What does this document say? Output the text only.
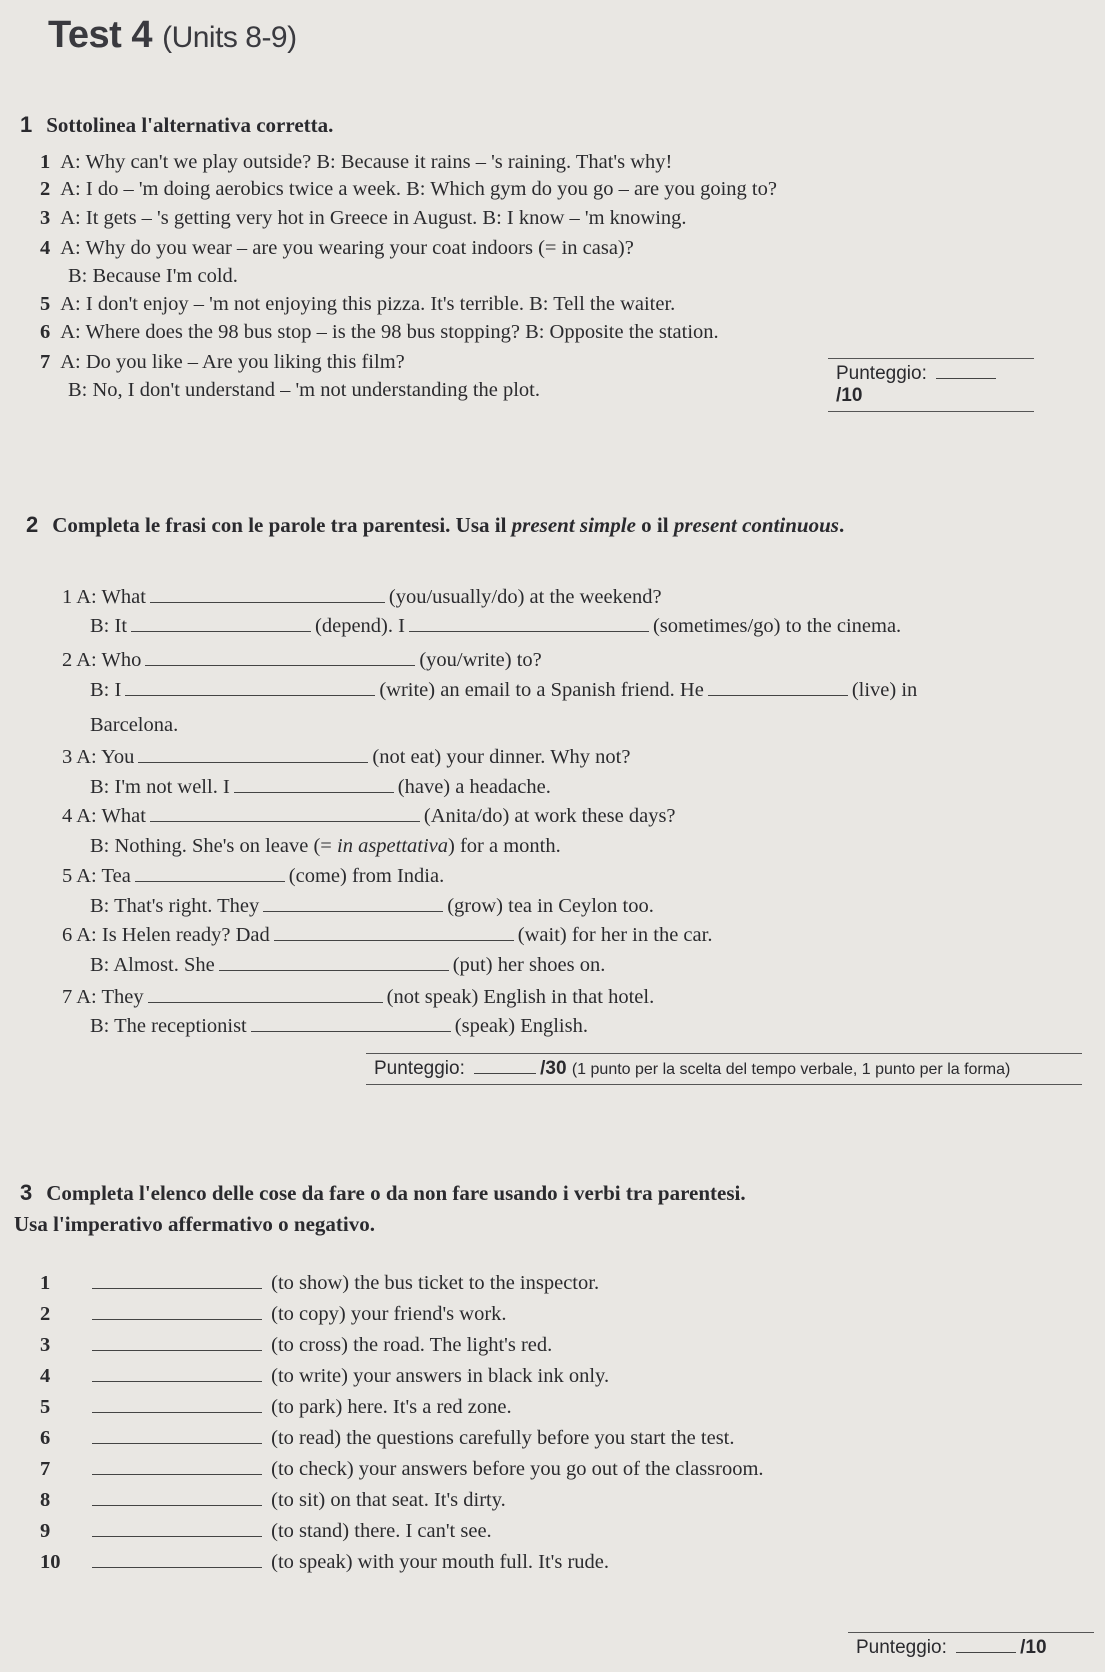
Test 4 (Units 8-9)
1 Sottolinea l'alternativa corretta.
1 A: Why can't we play outside? B: Because it rains – 's raining. That's why!
2 A: I do – 'm doing aerobics twice a week. B: Which gym do you go – are you going to?
3 A: It gets – 's getting very hot in Greece in August. B: I know – 'm knowing.
4 A: Why do you wear – are you wearing your coat indoors (= in casa)?
B: Because I'm cold.
5 A: I don't enjoy – 'm not enjoying this pizza. It's terrible. B: Tell the waiter.
6 A: Where does the 98 bus stop – is the 98 bus stopping? B: Opposite the station.
7 A: Do you like – Are you liking this film?
B: No, I don't understand – 'm not understanding the plot.
Punteggio: /10
2 Completa le frasi con le parole tra parentesi. Usa il present simple o il present continuous.
1 A: What	(you/usually/do) at the weekend?
B: It	(depend). I	(sometimes/go) to the cinema.
2 A: Who	(you/write) to?
B: I	(write) an email to a Spanish friend. He	(live) in
Barcelona.
3 A: You	(not eat) your dinner. Why not?
B: I'm not well. I	(have) a headache.
4 A: What	(Anita/do) at work these days?
B: Nothing. She's on leave (= in aspettativa) for a month.
5 A: Tea	(come) from India.
B: That's right. They	(grow) tea in Ceylon too.
6 A: Is Helen ready? Dad	(wait) for her in the car.
B: Almost. She	(put) her shoes on.
7 A: They	(not speak) English in that hotel.
B: The receptionist	(speak) English.
Punteggio:	/30 (1 punto per la scelta del tempo verbale, 1 punto per la forma)
3 Completa l'elenco delle cose da fare o da non fare usando i verbi tra parentesi.
Usa l'imperativo affermativo o negativo.
1	(to show) the bus ticket to the inspector.
2	(to copy) your friend's work.
3	(to cross) the road. The light's red.
4	(to write) your answers in black ink only.
5	(to park) here. It's a red zone.
6	(to read) the questions carefully before you start the test.
7	(to check) your answers before you go out of the classroom.
8	(to sit) on that seat. It's dirty.
9	(to stand) there. I can't see.
10	(to speak) with your mouth full. It's rude.
Punteggio:	/10
